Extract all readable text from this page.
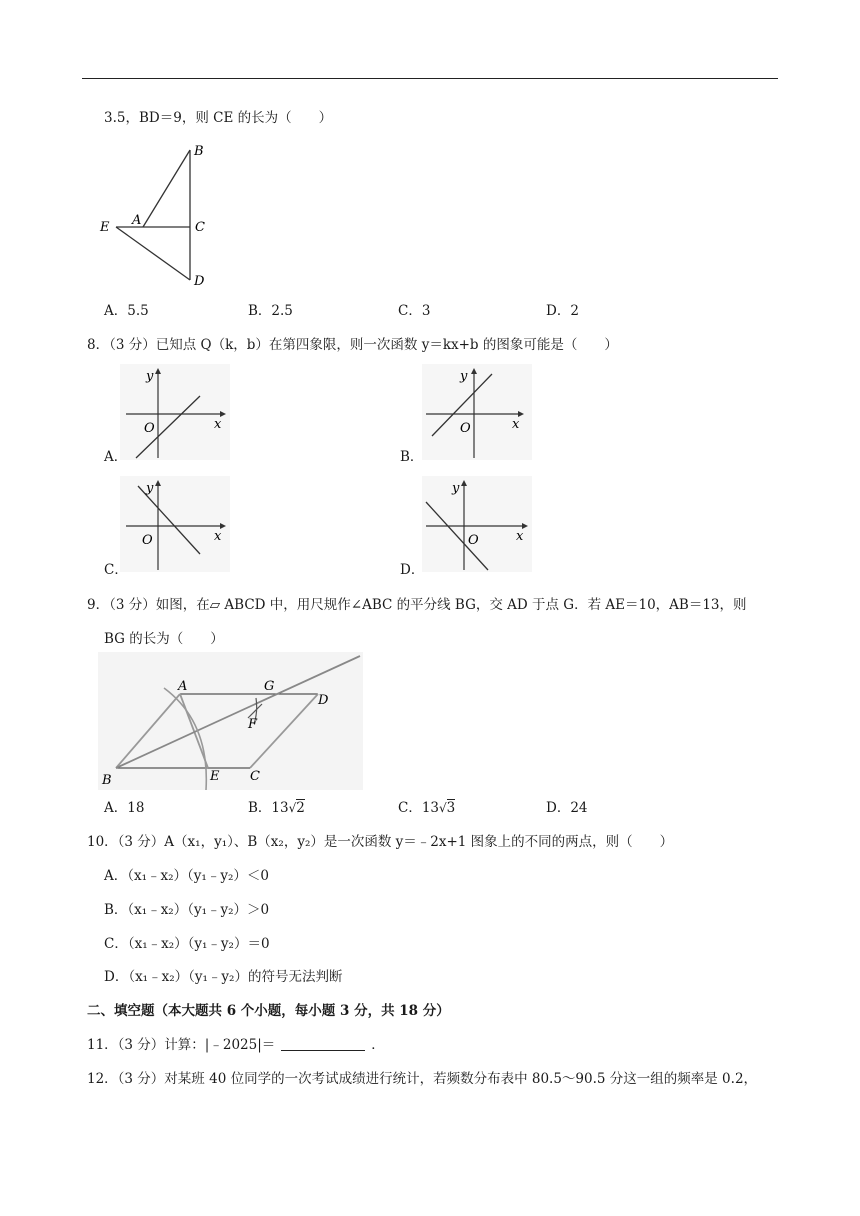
3.5，BD＝9，则 CE 的长为（　　）
B
A	C
E
D
A．5.5	B．2.5	C．3	D．2
8．（3 分）已知点 Q（k，b）在第四象限，则一次函数 y＝kx+b 的图象可能是（　　）
y
x
O
A．
y
x
O
B．
y
x
O
C．
y
x
O
D．
9．（3 分）如图，在▱ ABCD 中，用尺规作∠ABC 的平分线 BG，交 AD 于点 G．若 AE＝10，AB＝13，则
BG 的长为（　　）
A	G
D
F
B	E C
A．18	B．13√2	C．13√3	D．24
10．（3 分）A（x₁，y₁）、B（x₂，y₂）是一次函数 y＝﹣2x+1 图象上的不同的两点，则（　　）
A．（x₁﹣x₂）（y₁﹣y₂）＜0
B．（x₁﹣x₂）（y₁﹣y₂）＞0
C．（x₁﹣x₂）（y₁﹣y₂）＝0
D．（x₁﹣x₂）（y₁﹣y₂）的符号无法判断
二、填空题（本大题共 6 个小题，每小题 3 分，共 18 分）
11．（3 分）计算：|﹣2025|＝	．
12．（3 分）对某班 40 位同学的一次考试成绩进行统计，若频数分布表中 80.5～90.5 分这一组的频率是 0.2，
